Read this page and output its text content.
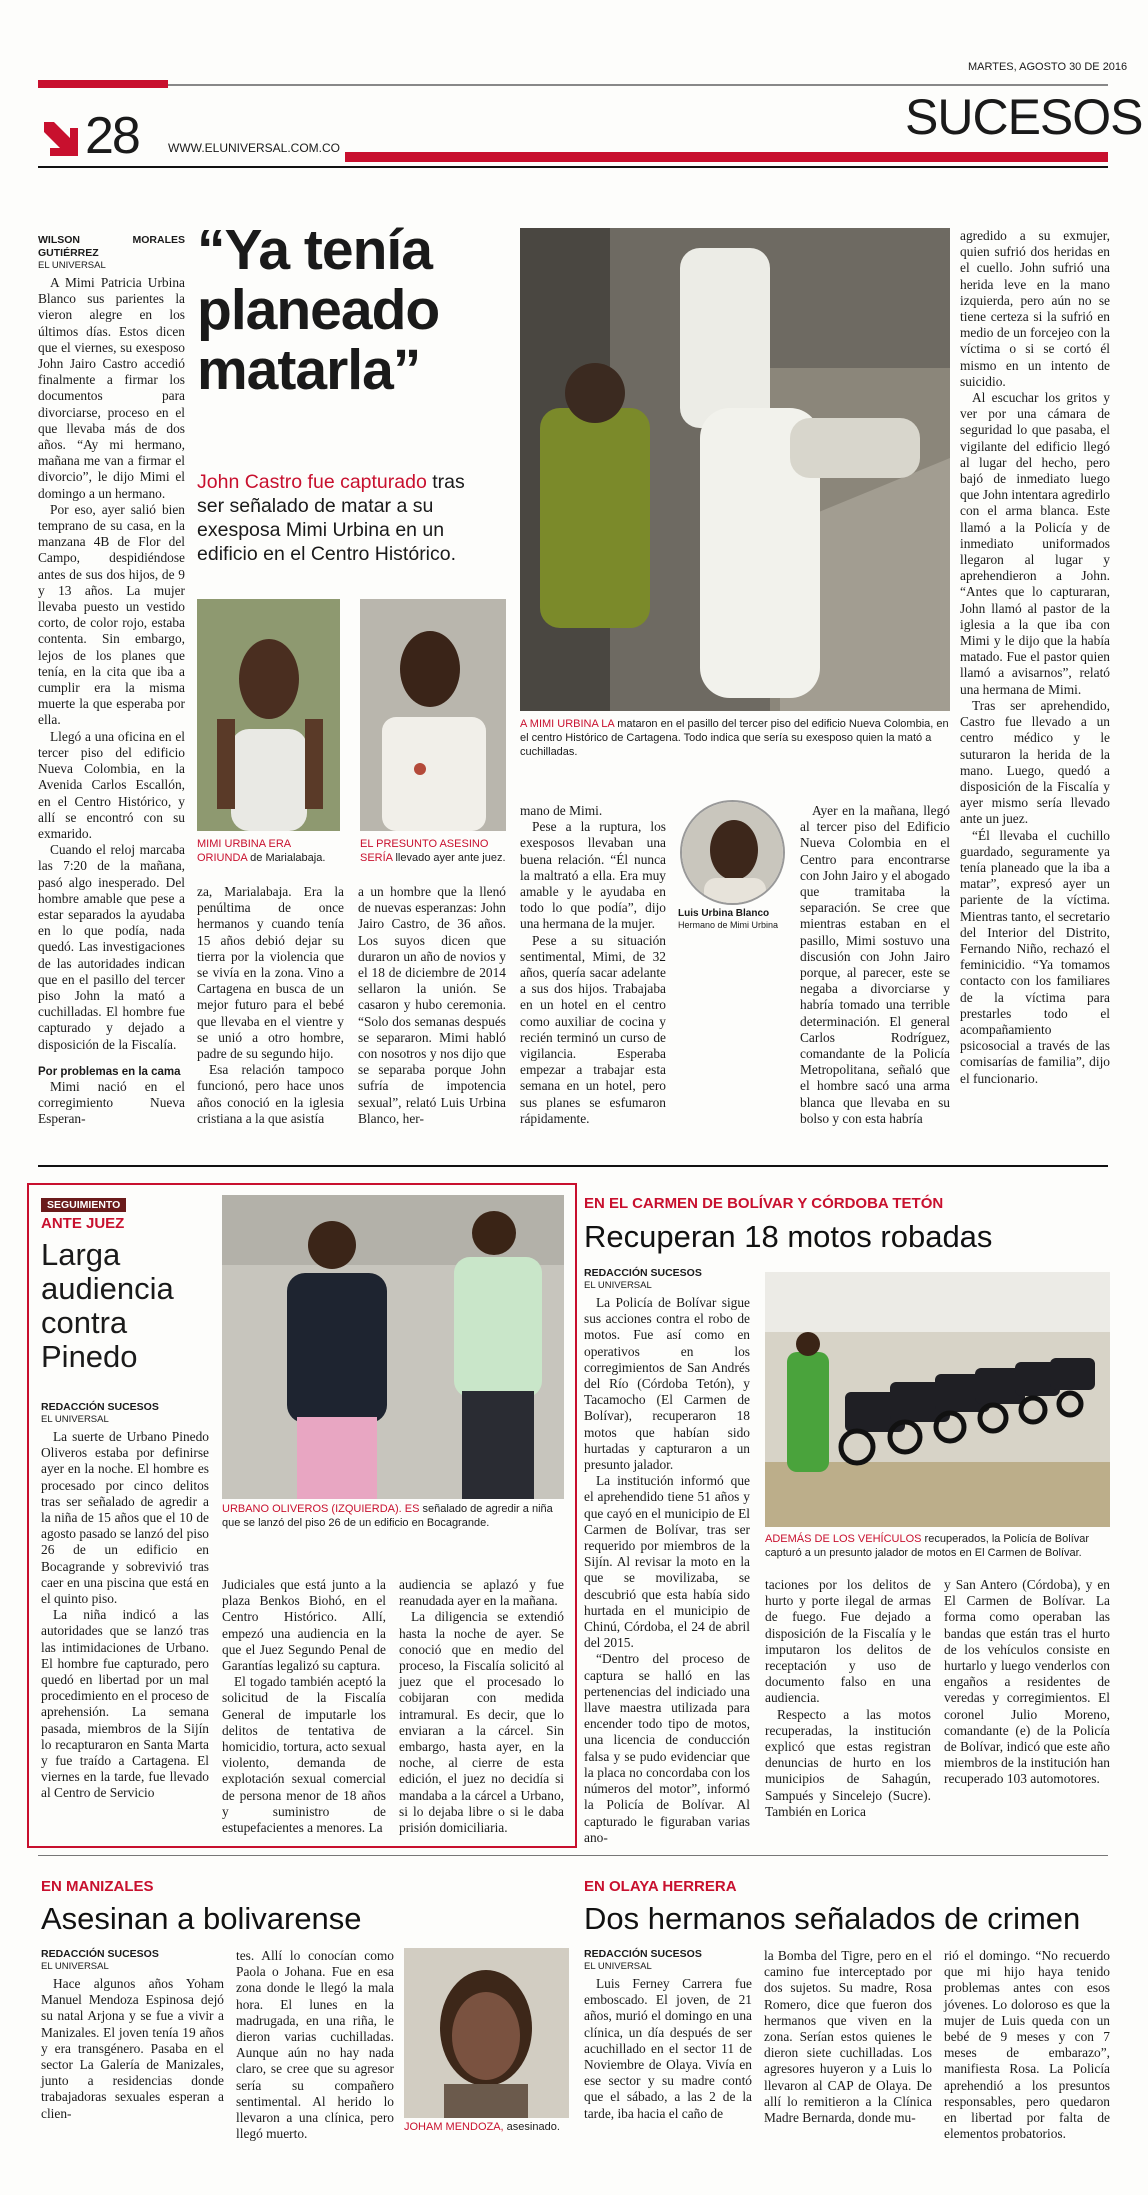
MARTES, AGOSTO 30 DE 2016
SUCESOS
28 WWW.ELUNIVERSAL.COM.CO
WILSON MORALES GUTIÉRREZ
EL UNIVERSAL

A Mimi Patricia Urbina Blanco sus parientes la vieron alegre en los últimos días. Estos dicen que el viernes, su exesposo John Jairo Castro accedió finalmente a firmar los documentos para divorciarse, proceso en el que llevaba más de dos años. “Ay mi hermano, mañana me van a firmar el divorcio”, le dijo Mimi el domingo a un hermano.

Por eso, ayer salió bien temprano de su casa, en la manzana 4B de Flor del Campo, despidiéndose antes de sus dos hijos, de 9 y 13 años. La mujer llevaba puesto un vestido corto, de color rojo, estaba contenta. Sin embargo, lejos de los planes que tenía, en la cita que iba a cumplir era la misma muerte la que esperaba por ella.

Llegó a una oficina en el tercer piso del edificio Nueva Colombia, en la Avenida Carlos Escallón, en el Centro Histórico, y allí se encontró con su exmarido.

Cuando el reloj marcaba las 7:20 de la mañana, pasó algo inesperado. Del hombre amable que pese a estar separados la ayudaba en lo que podía, nada quedó. Las investigaciones de las autoridades indican que en el pasillo del tercer piso John la mató a cuchilladas. El hombre fue capturado y dejado a disposición de la Fiscalía.

Por problemas en la cama

Mimi nació en el corregimiento Nueva Esperan-

“Ya tenía planeado matarla”
John Castro fue capturado tras ser señalado de matar a su exesposa Mimi Urbina en un edificio en el Centro Histórico.
MIMI URBINA ERA ORIUNDA de Marialabaja.
EL PRESUNTO ASESINO SERÍA llevado ayer ante juez.

za, Marialabaja. Era la penúltima de once hermanos y cuando tenía 15 años debió dejar su tierra por la violencia que se vivía en la zona. Vino a Cartagena en busca de un mejor futuro para el bebé que llevaba en el vientre y se unió a otro hombre, padre de su segundo hijo.

Esa relación tampoco funcionó, pero hace unos años conoció en la iglesia cristiana a la que asistía

a un hombre que la llenó de nuevas esperanzas: John Jairo Castro, de 36 años. Los suyos dicen que duraron un año de novios y el 18 de diciembre de 2014 sellaron la unión. Se casaron y hubo ceremonia. “Solo dos semanas después se separaron. Mimi habló con nosotros y nos dijo que se separaba porque John sufría de impotencia sexual”, relató Luis Urbina Blanco, her-

A MIMI URBINA LA mataron en el pasillo del tercer piso del edificio Nueva Colombia, en el centro Histórico de Cartagena. Todo indica que sería su exesposo quien la mató a cuchilladas.

mano de Mimi.

Pese a la ruptura, los exesposos llevaban una buena relación. “Él nunca la maltrató a ella. Era muy amable y le ayudaba en todo lo que podía”, dijo una hermana de la mujer.

Pese a su situación sentimental, Mimi, de 32 años, quería sacar adelante a sus dos hijos. Trabajaba en un hotel en el centro como auxiliar de cocina y recién terminó un curso de vigilancia. Esperaba empezar a trabajar esta semana en un hotel, pero sus planes se esfumaron rápidamente.

Luis Urbina Blanco
Hermano de Mimi Urbina

Ayer en la mañana, llegó al tercer piso del Edificio Nueva Colombia en el Centro para encontrarse con John Jairo y el abogado que tramitaba la separación. Se cree que mientras estaban en el pasillo, Mimi sostuvo una discusión con John Jairo porque, al parecer, este se negaba a divorciarse y habría tomado una terrible determinación. El general Carlos Rodríguez, comandante de la Policía Metropolitana, señaló que el hombre sacó una arma blanca que llevaba en su bolso y con esta habría

agredido a su exmujer, quien sufrió dos heridas en el cuello. John sufrió una herida leve en la mano izquierda, pero aún no se tiene certeza si la sufrió en medio de un forcejeo con la víctima o si se cortó él mismo en un intento de suicidio.

Al escuchar los gritos y ver por una cámara de seguridad lo que pasaba, el vigilante del edificio llegó al lugar del hecho, pero bajó de inmediato luego que John intentara agredirlo con el arma blanca. Este llamó a la Policía y de inmediato uniformados llegaron al lugar y aprehendieron a John. “Antes que lo capturaran, John llamó al pastor de la iglesia a la que iba con Mimi y le dijo que la había matado. Fue el pastor quien llamó a avisarnos”, relató una hermana de Mimi.

Tras ser aprehendido, Castro fue llevado a un centro médico y le suturaron la herida de la mano. Luego, quedó a disposición de la Fiscalía y ayer mismo sería llevado ante un juez.

“Él llevaba el cuchillo guardado, seguramente ya tenía planeado que la iba a matar”, expresó ayer un pariente de la víctima. Mientras tanto, el secretario del Interior del Distrito, Fernando Niño, rechazó el feminicidio. “Ya tomamos contacto con los familiares de la víctima para prestarles todo el acompañamiento psicosocial a través de las comisarías de familia”, dijo el funcionario.

SEGUIMIENTO
ANTE JUEZ
Larga audiencia contra Pinedo
URBANO OLIVEROS (IZQUIERDA). ES señalado de agredir a niña que se lanzó del piso 26 de un edificio en Bocagrande.
REDACCIÓN SUCESOS
EL UNIVERSAL

La suerte de Urbano Pinedo Oliveros estaba por definirse ayer en la noche. El hombre es procesado por cinco delitos tras ser señalado de agredir a la niña de 15 años que el 10 de agosto pasado se lanzó del piso 26 de un edificio en Bocagrande y sobrevivió tras caer en una piscina que está en el quinto piso.

La niña indicó a las autoridades que se lanzó tras las intimidaciones de Urbano. El hombre fue capturado, pero quedó en libertad por un mal procedimiento en el proceso de aprehensión. La semana pasada, miembros de la Sijín lo recapturaron en Santa Marta y fue traído a Cartagena. El viernes en la tarde, fue llevado al Centro de Servicio

Judiciales que está junto a la plaza Benkos Biohó, en el Centro Histórico. Allí, empezó una audiencia en la que el Juez Segundo Penal de Garantías legalizó su captura.

El togado también aceptó la solicitud de la Fiscalía General de imputarle los delitos de tentativa de homicidio, tortura, acto sexual violento, demanda de explotación sexual comercial de persona menor de 18 años y suministro de estupefacientes a menores. La

audiencia se aplazó y fue reanudada ayer en la mañana.

La diligencia se extendió hasta la noche de ayer. Se conoció que en medio del proceso, la Fiscalía solicitó al juez que el procesado lo cobijaran con medida intramural. Es decir, que lo enviaran a la cárcel. Sin embargo, hasta ayer, en la noche, al cierre de esta edición, el juez no decidía si mandaba a la cárcel a Urbano, si lo dejaba libre o si le daba prisión domiciliaria.

EN EL CARMEN DE BOLÍVAR Y CÓRDOBA TETÓN
Recuperan 18 motos robadas
REDACCIÓN SUCESOS
EL UNIVERSAL

La Policía de Bolívar sigue sus acciones contra el robo de motos. Fue así como en operativos en los corregimientos de San Andrés del Río (Córdoba Tetón), y Tacamocho (El Carmen de Bolívar), recuperaron 18 motos que habían sido hurtadas y capturaron a un presunto jalador.

La institución informó que el aprehendido tiene 51 años y que cayó en el municipio de El Carmen de Bolívar, tras ser requerido por miembros de la Sijín. Al revisar la moto en la que se movilizaba, se descubrió que esta había sido hurtada en el municipio de Chinú, Córdoba, el 24 de abril del 2015.

“Dentro del proceso de captura se halló en las pertenencias del indiciado una llave maestra utilizada para encender todo tipo de motos, una licencia de conducción falsa y se pudo evidenciar que la placa no concordaba con los números del motor”, informó la Policía de Bolívar. Al capturado le figuraban varias ano-

ADEMÁS DE LOS VEHÍCULOS recuperados, la Policía de Bolívar capturó a un presunto jalador de motos en El Carmen de Bolívar.

taciones por los delitos de hurto y porte ilegal de armas de fuego. Fue dejado a disposición de la Fiscalía y le imputaron los delitos de receptación y uso de documento falso en una audiencia.

Respecto a las motos recuperadas, la institución explicó que estas registran denuncias de hurto en los municipios de Sahagún, Sampués y Sincelejo (Sucre). También en Lorica

y San Antero (Córdoba), y en El Carmen de Bolívar. La forma como operaban las bandas que están tras el hurto de los vehículos consiste en hurtarlo y luego venderlos con engaños a residentes de veredas y corregimientos. El coronel Julio Moreno, comandante (e) de la Policía de Bolívar, indicó que este año miembros de la institución han recuperado 103 automotores.

EN MANIZALES
Asesinan a bolivarense
REDACCIÓN SUCESOS
EL UNIVERSAL

Hace algunos años Yoham Manuel Mendoza Espinosa dejó su natal Arjona y se fue a vivir a Manizales. El joven tenía 19 años y era transgénero. Pasaba en el sector La Galería de Manizales, junto a residencias donde trabajadoras sexuales esperan a clien-

tes. Allí lo conocían como Paola o Johana. Fue en esa zona donde le llegó la mala hora. El lunes en la madrugada, en una riña, le dieron varias cuchilladas. Aunque aún no hay nada claro, se cree que su agresor sería su compañero sentimental. Al herido lo llevaron a una clínica, pero llegó muerto.	JOHAM MENDOZA, asesinado.
EN OLAYA HERRERA
Dos hermanos señalados de crimen
REDACCIÓN SUCESOS
EL UNIVERSAL

Luis Ferney Carrera fue emboscado. El joven, de 21 años, murió el domingo en una clínica, un día después de ser acuchillado en el sector 11 de Noviembre de Olaya. Vivía en ese sector y su madre contó que el sábado, a las 2 de la tarde, iba hacia el caño de

la Bomba del Tigre, pero en el camino fue interceptado por dos sujetos. Su madre, Rosa Romero, dice que fueron dos hermanos que viven en la zona. Serían estos quienes le dieron siete cuchilladas. Los agresores huyeron y a Luis lo llevaron al CAP de Olaya. De allí lo remitieron a la Clínica Madre Bernarda, donde mu-

rió el domingo. “No recuerdo que mi hijo haya tenido problemas antes con esos jóvenes. Lo doloroso es que la mujer de Luis queda con un bebé de 9 meses y con 7 meses de embarazo”, manifiesta Rosa. La Policía aprehendió a los presuntos responsables, pero quedaron en libertad por falta de elementos probatorios.
